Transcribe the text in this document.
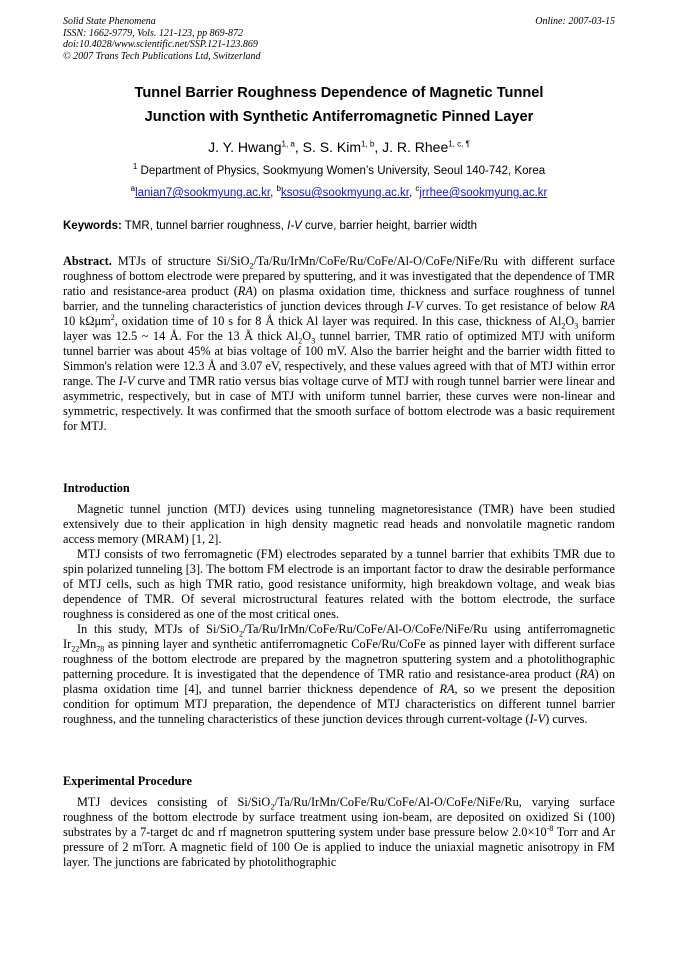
Solid State Phenomena
ISSN: 1662-9779, Vols. 121-123, pp 869-872
doi:10.4028/www.scientific.net/SSP.121-123.869
© 2007 Trans Tech Publications Ltd, Switzerland
Online: 2007-03-15
Tunnel Barrier Roughness Dependence of Magnetic Tunnel
Junction with Synthetic Antiferromagnetic Pinned Layer
J. Y. Hwang$^{1, a}$, S. S. Kim$^{1, b}$, J. R. Rhee$^{1, c, \P}$
$^1$ Department of Physics, Sookmyung Women’s University, Seoul 140-742, Korea
$^a$lanian7@sookmyung.ac.kr, $^b$ksosu@sookmyung.ac.kr, $^c$jrrhee@sookmyung.ac.kr
Keywords: TMR, tunnel barrier roughness, I-V curve, barrier height, barrier width

Abstract. MTJs of structure Si/SiO$_2$/Ta/Ru/IrMn/CoFe/Ru/CoFe/Al-O/CoFe/NiFe/Ru with different surface roughness of bottom electrode were prepared by sputtering, and it was investigated that the dependence of TMR ratio and resistance-area product (RA) on plasma oxidation time, thickness and surface roughness of tunnel barrier, and the tunneling characteristics of junction devices through I-V curves. To get resistance of below RA 10 kΩμm$^2$, oxidation time of 10 s for 8 Å thick Al layer was required. In this case, thickness of $Al_2O_3$ barrier layer was 12.5 ~ 14 Å. For the 13 Å thick $Al_2O_3$ tunnel barrier, TMR ratio of optimized MTJ with uniform tunnel barrier was about 45% at bias voltage of 100 mV. Also the barrier height and the barrier width fitted to Simmon's relation were 12.3 Å and 3.07 eV, respectively, and these values agreed with that of MTJ within error range. The I-V curve and TMR ratio versus bias voltage curve of MTJ with rough tunnel barrier were linear and asymmetric, respectively, but in case of MTJ with uniform tunnel barrier, these curves were non-linear and symmetric, respectively. It was confirmed that the smooth surface of bottom electrode was a basic requirement for MTJ.

Introduction

Magnetic tunnel junction (MTJ) devices using tunneling magnetoresistance (TMR) have been studied extensively due to their application in high density magnetic read heads and nonvolatile magnetic random access memory (MRAM) [1, 2].

MTJ consists of two ferromagnetic (FM) electrodes separated by a tunnel barrier that exhibits TMR due to spin polarized tunneling [3]. The bottom FM electrode is an important factor to draw the desirable performance of MTJ cells, such as high TMR ratio, good resistance uniformity, high breakdown voltage, and weak bias dependence of TMR. Of several microstructural features related with the bottom electrode, the surface roughness is considered as one of the most critical ones.

In this study, MTJs of Si/SiO$_2$/Ta/Ru/IrMn/CoFe/Ru/CoFe/Al-O/CoFe/NiFe/Ru using antiferromagnetic $Ir_{22}Mn_{78}$ as pinning layer and synthetic antiferromagnetic CoFe/Ru/CoFe as pinned layer with different surface roughness of the bottom electrode are prepared by the magnetron sputtering system and a photolithographic patterning procedure. It is investigated that the dependence of TMR ratio and resistance-area product (RA) on plasma oxidation time [4], and tunnel barrier thickness dependence of RA, so we present the deposition condition for optimum MTJ preparation, the dependence of MTJ characteristics on different tunnel barrier roughness, and the tunneling characteristics of these junction devices through current-voltage (I-V) curves.

Experimental Procedure

MTJ devices consisting of Si/SiO$_2$/Ta/Ru/IrMn/CoFe/Ru/CoFe/Al-O/CoFe/NiFe/Ru, varying surface roughness of the bottom electrode by surface treatment using ion-beam, are deposited on oxidized Si (100) substrates by a 7-target dc and rf magnetron sputtering system under base pressure below $2.0\times 10^{-8}$ Torr and Ar pressure of 2 mTorr. A magnetic field of 100 Oe is applied to induce the uniaxial magnetic anisotropy in FM layer. The junctions are fabricated by photolithographic
